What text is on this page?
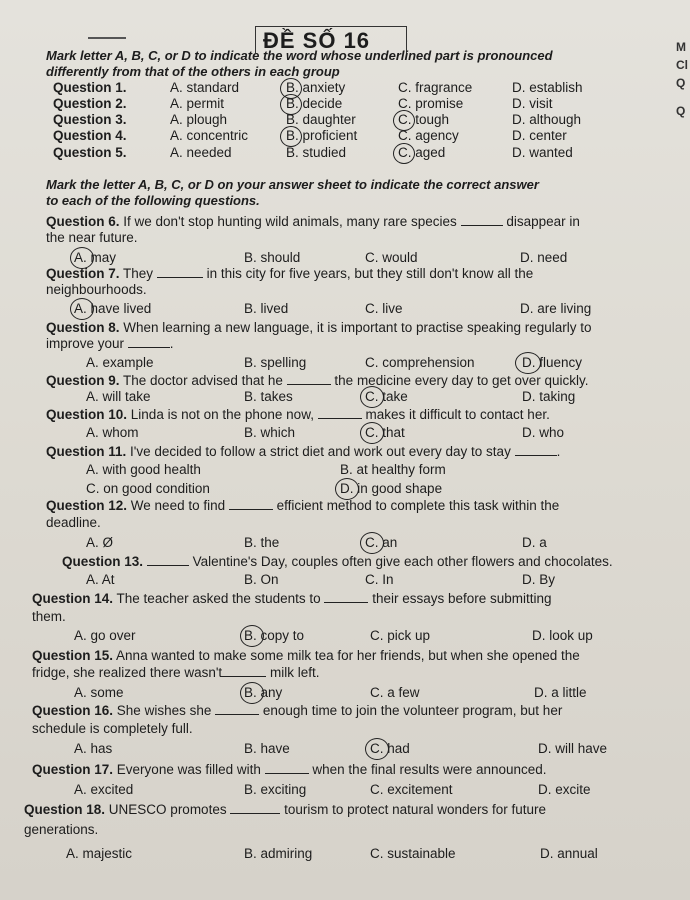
ĐỀ SỐ 16	M
Cl
Q
Q
Mark letter A, B, C, or D to indicate the word whose underlined part is pronounced
differently from that of the others in each group
Question 1.	A. standard	B. anxiety	C. fragrance	D. establish
Question 2.	A. permit	B. decide	C. promise	D. visit
Question 3.	A. plough	B. daughter	C. tough	D. although
Question 4.	A. concentric	B. proficient	C. agency	D. center
Question 5.	A. needed	B. studied	C. aged	D. wanted
Mark the letter A, B, C, or D on your answer sheet to indicate the correct answer
to each of the following questions.
Question 6. If we don't stop hunting wild animals, many rare species	disappear in
the near future.
A. may	B. should	C. would	D. need
Question 7. They	in this city for five years, but they still don't know all the
neighbourhoods.
A. have lived	B. lived	C. live	D. are living
Question 8. When learning a new language, it is important to practise speaking regularly to
improve your	.
A. example	B. spelling	C. comprehension	D. fluency
Question 9. The doctor advised that he	the medicine every day to get over quickly.
A. will take	B. takes	C. take	D. taking
Question 10. Linda is not on the phone now,	makes it difficult to contact her.
A. whom	B. which	C. that	D. who
Question 11. I've decided to follow a strict diet and work out every day to stay	.
A. with good health	B. at healthy form
C. on good condition	D. in good shape
Question 12. We need to find	efficient method to complete this task within the
deadline.
A. Ø	B. the	C. an	D. a
Question 13.	Valentine's Day, couples often give each other flowers and chocolates.
A. At	B. On	C. In	D. By
Question 14. The teacher asked the students to	their essays before submitting
them.
A. go over	B. copy to	C. pick up	D. look up
Question 15. Anna wanted to make some milk tea for her friends, but when she opened the
fridge, she realized there wasn't	milk left.
A. some	B. any	C. a few	D. a little
Question 16. She wishes she	enough time to join the volunteer program, but her
schedule is completely full.
A. has	B. have	C. had	D. will have
Question 17. Everyone was filled with	when the final results were announced.
A. excited	B. exciting	C. excitement	D. excite
Question 18. UNESCO promotes	tourism to protect natural wonders for future
generations.
A. majestic	B. admiring	C. sustainable	D. annual
